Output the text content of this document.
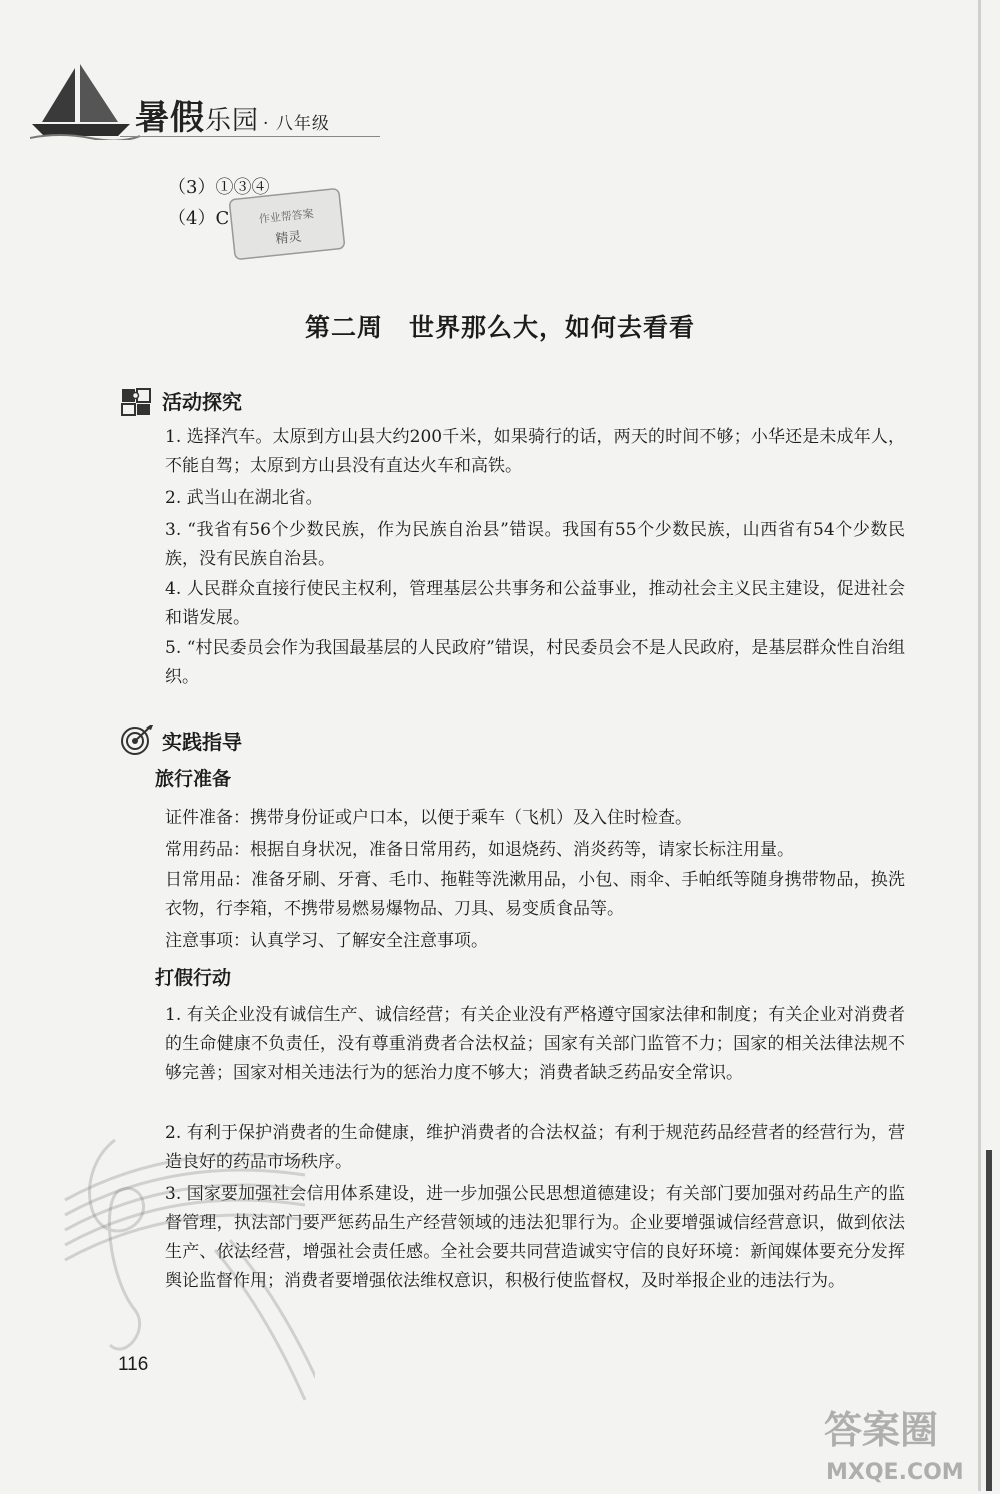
暑假乐园 · 八年级
（3）①③④
（4）C	作业帮答案
精灵
第二周 世界那么大，如何去看看
活动探究
1. 选择汽车。太原到方山县大约200千米，如果骑行的话，两天的时间不够；小华还是未成年人，不能自驾；太原到方山县没有直达火车和高铁。
2. 武当山在湖北省。
3. “我省有56个少数民族，作为民族自治县”错误。我国有55个少数民族，山西省有54个少数民族，没有民族自治县。
4. 人民群众直接行使民主权利，管理基层公共事务和公益事业，推动社会主义民主建设，促进社会和谐发展。
5. “村民委员会作为我国最基层的人民政府”错误，村民委员会不是人民政府，是基层群众性自治组织。
实践指导
旅行准备
证件准备：携带身份证或户口本，以便于乘车（飞机）及入住时检查。
常用药品：根据自身状况，准备日常用药，如退烧药、消炎药等，请家长标注用量。
日常用品：准备牙刷、牙膏、毛巾、拖鞋等洗漱用品，小包、雨伞、手帕纸等随身携带物品，换洗衣物，行李箱，不携带易燃易爆物品、刀具、易变质食品等。
注意事项：认真学习、了解安全注意事项。
打假行动
1. 有关企业没有诚信生产、诚信经营；有关企业没有严格遵守国家法律和制度；有关企业对消费者的生命健康不负责任，没有尊重消费者合法权益；国家有关部门监管不力；国家的相关法律法规不够完善；国家对相关违法行为的惩治力度不够大；消费者缺乏药品安全常识。
2. 有利于保护消费者的生命健康，维护消费者的合法权益；有利于规范药品经营者的经营行为，营造良好的药品市场秩序。
3. 国家要加强社会信用体系建设，进一步加强公民思想道德建设；有关部门要加强对药品生产的监督管理，执法部门要严惩药品生产经营领域的违法犯罪行为。企业要增强诚信经营意识，做到依法生产、依法经营，增强社会责任感。全社会要共同营造诚实守信的良好环境：新闻媒体要充分发挥舆论监督作用；消费者要增强依法维权意识，积极行使监督权，及时举报企业的违法行为。
116
答案圈
MXQE.COM
